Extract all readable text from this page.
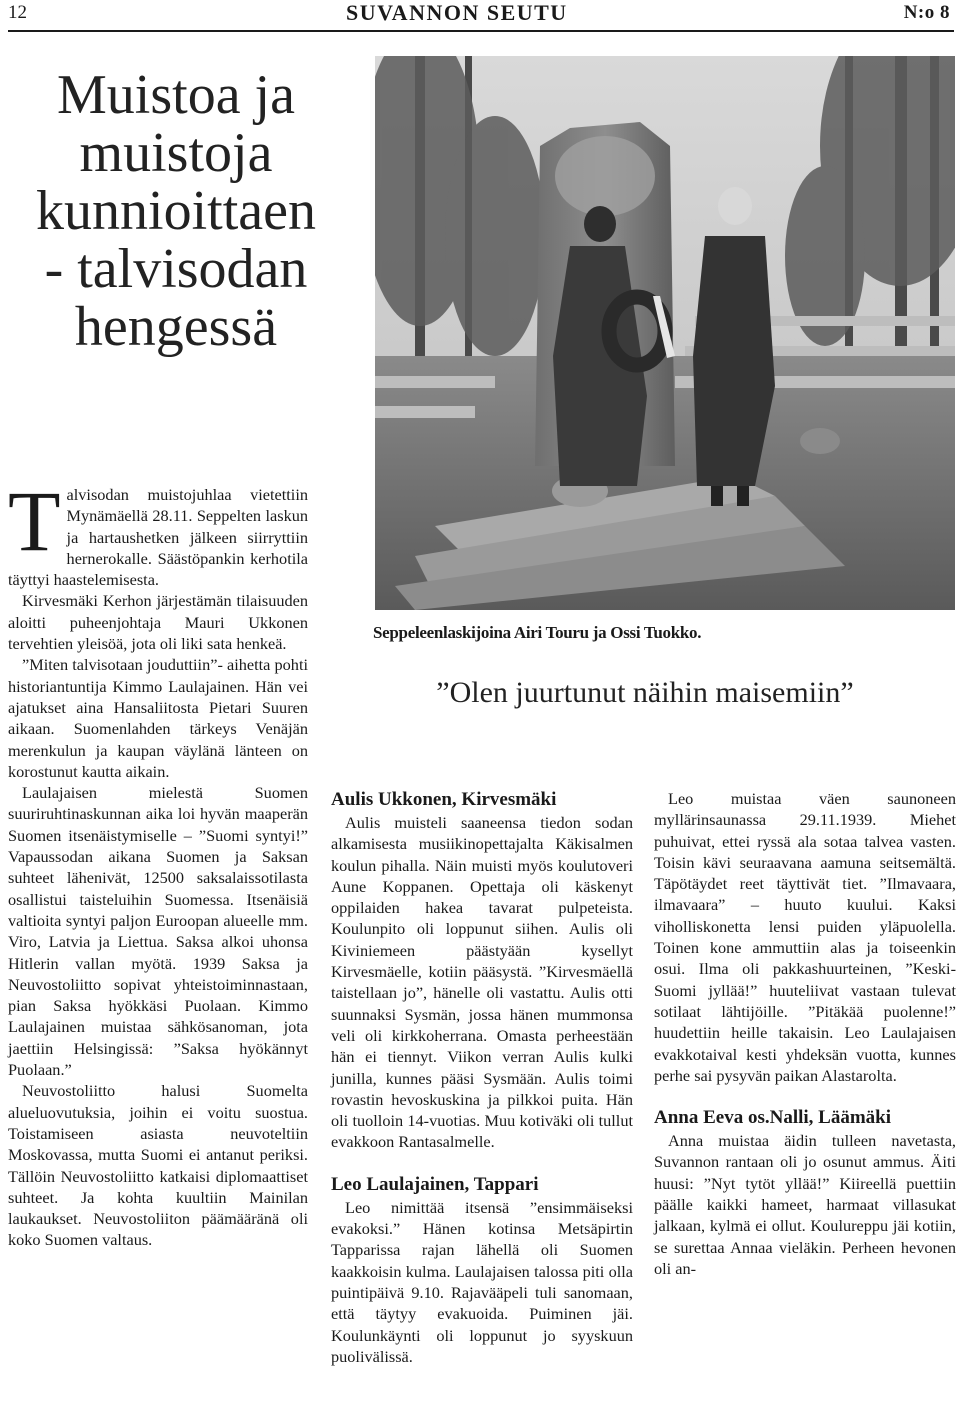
12	SUVANNON SEUTU	N:o 8
Muistoa ja
muistoja
kunnioittaen
- talvisodan
hengessä

Talvisodan muistojuhlaa vietettiin Mynämäellä 28.11. Seppelten laskun ja hartaushetken jälkeen siirryttiin hernerokalle. Säästöpankin kerhotila täyttyi haastelemisesta.

Kirvesmäki Kerhon järjestämän tilaisuuden aloitti puheenjohtaja Mauri Ukkonen tervehtien yleisöä, jota oli liki sata henkeä.

”Miten talvisotaan jouduttiin”- aihetta pohti historiantuntija Kimmo Laulajainen. Hän vei ajatukset aina Hansaliitosta Pietari Suuren aikaan. Suomenlahden tärkeys Venäjän merenkulun ja kaupan väylänä länteen on korostunut kautta aikain.

Laulajaisen mielestä Suomen suuriruhtinaskunnan aika loi hyvän maaperän Suomen itsenäistymiselle – ”Suomi syntyi!” Vapaussodan aikana Suomen ja Saksan suhteet lähenivät, 12500 saksalaissotilasta osallistui taisteluihin Suomessa. Itsenäisiä valtioita syntyi paljon Euroopan alueelle mm. Viro, Latvia ja Liettua. Saksa alkoi uhonsa Hitlerin vallan myötä. 1939 Saksa ja Neuvostoliitto sopivat yhteistoiminnastaan, pian Saksa hyökkäsi Puolaan. Kimmo Laulajainen muistaa sähkösanoman, jota jaettiin Helsingissä: ”Saksa hyökännyt Puolaan.”

Neuvostoliitto halusi Suomelta alueluovutuksia, joihin ei voitu suostua. Toistamiseen asiasta neuvoteltiin Moskovassa, mutta Suomi ei antanut periksi. Tällöin Neuvostoliitto katkaisi diplomaattiset suhteet. Ja kohta kuultiin Mainilan laukaukset. Neuvostoliiton päämääränä oli koko Suomen valtaus.

Seppeleenlaskijoina Airi Touru ja Ossi Tuokko.
”Olen juurtunut näihin maisemiin”

Aulis Ukkonen, Kirvesmäki

Aulis muisteli saaneensa tiedon sodan alkamisesta musiikinopettajalta Käkisalmen koulun pihalla. Näin muisti myös koulutoveri Aune Koppanen. Opettaja oli käskenyt oppilaiden hakea tavarat pulpeteista. Koulunpito oli loppunut siihen. Aulis oli Kiviniemeen päästyään kysellyt Kirvesmäelle, kotiin pääsystä. ”Kirvesmäellä taistellaan jo”, hänelle oli vastattu. Aulis otti suunnaksi Sysmän, jossa hänen mummonsa veli oli kirkkoherrana. Omasta perheestään hän ei tiennyt. Viikon verran Aulis kulki junilla, kunnes pääsi Sysmään. Aulis toimi rovastin hevoskuskina ja pilkkoi puita. Hän oli tuolloin 14-vuotias. Muu kotiväki oli tullut evakkoon Rantasalmelle.

Leo Laulajainen, Tappari

Leo nimittää itsensä ”ensimmäiseksi evakoksi.” Hänen kotinsa Metsäpirtin Tapparissa rajan lähellä oli Suomen kaakkoisin kulma. Laulajaisen talossa piti olla puintipäivä 9.10. Rajavääpeli tuli sanomaan, että täytyy evakuoida. Puiminen jäi. Koulunkäynti oli loppunut jo syyskuun puolivälissä.

Leo muistaa väen saunoneen myllärinsaunassa 29.11.1939. Miehet puhuivat, ettei ryssä ala sotaa talvea vasten. Toisin kävi seuraavana aamuna seitsemältä. Täpötäydet reet täyttivät tiet. ”Ilmavaara, ilmavaara” – huuto kuului. Kaksi viholliskonetta lensi puiden yläpuolella. Toinen kone ammuttiin alas ja toiseenkin osui. Ilma oli pakkashuurteinen, ”Keski-Suomi jyllää!” huuteliivat vastaan tulevat sotilaat lähtijöille. ”Pitäkää puolenne!” huudettiin heille takaisin. Leo Laulajaisen evakkotaival kesti yhdeksän vuotta, kunnes perhe sai pysyvän paikan Alastarolta.

Anna Eeva os.Nalli, Läämäki

Anna muistaa äidin tulleen navetasta, Suvannon rantaan oli jo osunut ammus. Äiti huusi: ”Nyt tytöt yllää!” Kiireellä puettiin päälle kaikki hameet, harmaat villasukat jalkaan, kylmä ei ollut. Koulureppu jäi kotiin, se surettaa Annaa vieläkin. Perheen hevonen oli an-
